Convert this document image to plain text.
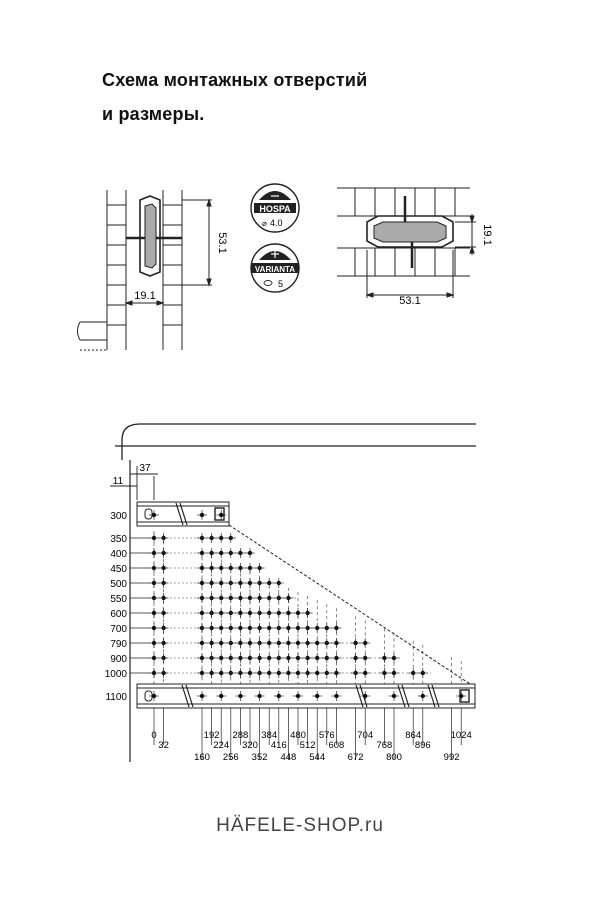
Схема монтажных отверстий
и размеры.
53.1
19.1
HOSPA
4.0
⌀
VARIANTA
5
19.1
53.1
37
11
300
350
400
450
500
550
600
700
790
900
1000
1100
0
32
160
192
224
256
288
320
352
384
416
448
480
512
544
576
608
672
704
768
800
864
896
992
1024
HÄFELE-SHOP.ru
